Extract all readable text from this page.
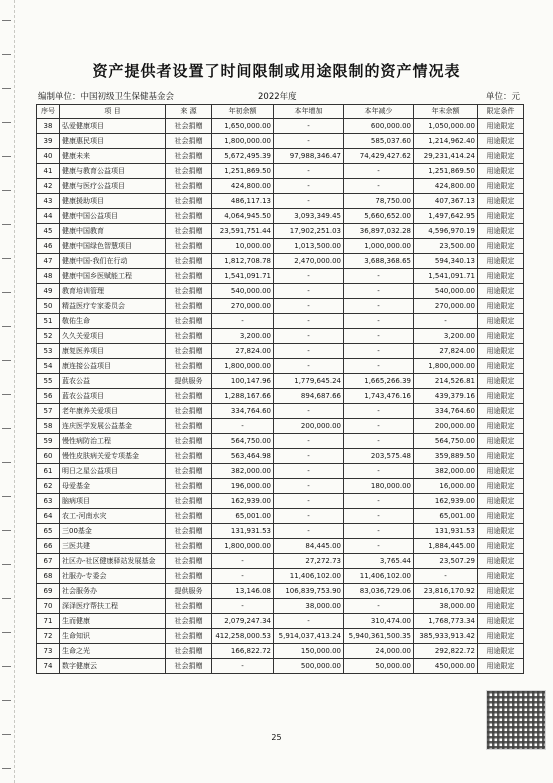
资产提供者设置了时间限制或用途限制的资产情况表
编制单位：中国初级卫生保健基金会	2022年度	单位：元
序号	项 目	来 源	年初余额	本年增加	本年减少	年末余额	限定条件
38	弘爱健康项目	社会捐赠	1,650,000.00	-	600,000.00	1,050,000.00	用途限定
39	健康惠民项目	社会捐赠	1,800,000.00	-	585,037.60	1,214,962.40	用途限定
40	健康未来	社会捐赠	5,672,495.39	97,988,346.47	74,429,427.62	29,231,414.24	用途限定
41	健康与教育公益项目	社会捐赠	1,251,869.50	-	-	1,251,869.50	用途限定
42	健康与医疗公益项目	社会捐赠	424,800.00	-	-	424,800.00	用途限定
43	健康援助项目	社会捐赠	486,117.13	-	78,750.00	407,367.13	用途限定
44	健康中国公益项目	社会捐赠	4,064,945.50	3,093,349.45	5,660,652.00	1,497,642.95	用途限定
45	健康中国教育	社会捐赠	23,591,751.44	17,902,251.03	36,897,032.28	4,596,970.19	用途限定
46	健康中国绿色智慧项目	社会捐赠	10,000.00	1,013,500.00	1,000,000.00	23,500.00	用途限定
47	健康中国-我们在行动	社会捐赠	1,812,708.78	2,470,000.00	3,688,368.65	594,340.13	用途限定
48	健康中国乡医赋能工程	社会捐赠	1,541,091.71	-	-	1,541,091.71	用途限定
49	教育培训管理	社会捐赠	540,000.00	-	-	540,000.00	用途限定
50	精益医疗专家委员会	社会捐赠	270,000.00	-	-	270,000.00	用途限定
51	敬佑生命	社会捐赠	-	-	-	-	用途限定
52	久久关爱项目	社会捐赠	3,200.00	-	-	3,200.00	用途限定
53	康复医养项目	社会捐赠	27,824.00	-	-	27,824.00	用途限定
54	康连接公益项目	社会捐赠	1,800,000.00	-	-	1,800,000.00	用途限定
55	蓝农公益	提供服务	100,147.96	1,779,645.24	1,665,266.39	214,526.81	用途限定
56	蓝农公益项目	社会捐赠	1,288,167.66	894,687.66	1,743,476.16	439,379.16	用途限定
57	老年康养关爱项目	社会捐赠	334,764.60	-	-	334,764.60	用途限定
58	连庆医学发展公益基金	社会捐赠	-	200,000.00	-	200,000.00	用途限定
59	慢性病防治工程	社会捐赠	564,750.00	-	-	564,750.00	用途限定
60	慢性皮肤病关爱专项基金	社会捐赠	563,464.98	-	203,575.48	359,889.50	用途限定
61	明日之星公益项目	社会捐赠	382,000.00	-	-	382,000.00	用途限定
62	母爱基金	社会捐赠	196,000.00	-	180,000.00	16,000.00	用途限定
63	脑病项目	社会捐赠	162,939.00	-	-	162,939.00	用途限定
64	农工-河南水灾	社会捐赠	65,001.00	-	-	65,001.00	用途限定
65	三00基金	社会捐赠	131,931.53	-	-	131,931.53	用途限定
66	三医共建	社会捐赠	1,800,000.00	84,445.00	-	1,884,445.00	用途限定
67	社区办-社区健康驿站发展基金	社会捐赠	-	27,272.73	3,765.44	23,507.29	用途限定
68	社服办-专委会	社会捐赠	-	11,406,102.00	11,406,102.00	-	用途限定
69	社会服务办	提供服务	13,146.08	106,839,753.90	83,036,729.06	23,816,170.92	用途限定
70	深泽医疗帮扶工程	社会捐赠	-	38,000.00	-	38,000.00	用途限定
71	生而健康	社会捐赠	2,079,247.34	-	310,474.00	1,768,773.34	用途限定
72	生命知识	社会捐赠	412,258,000.53	5,914,037,413.24	5,940,361,500.35	385,933,913.42	用途限定
73	生命之光	社会捐赠	166,822.72	150,000.00	24,000.00	292,822.72	用途限定
74	数字健康云	社会捐赠	-	500,000.00	50,000.00	450,000.00	用途限定
25
